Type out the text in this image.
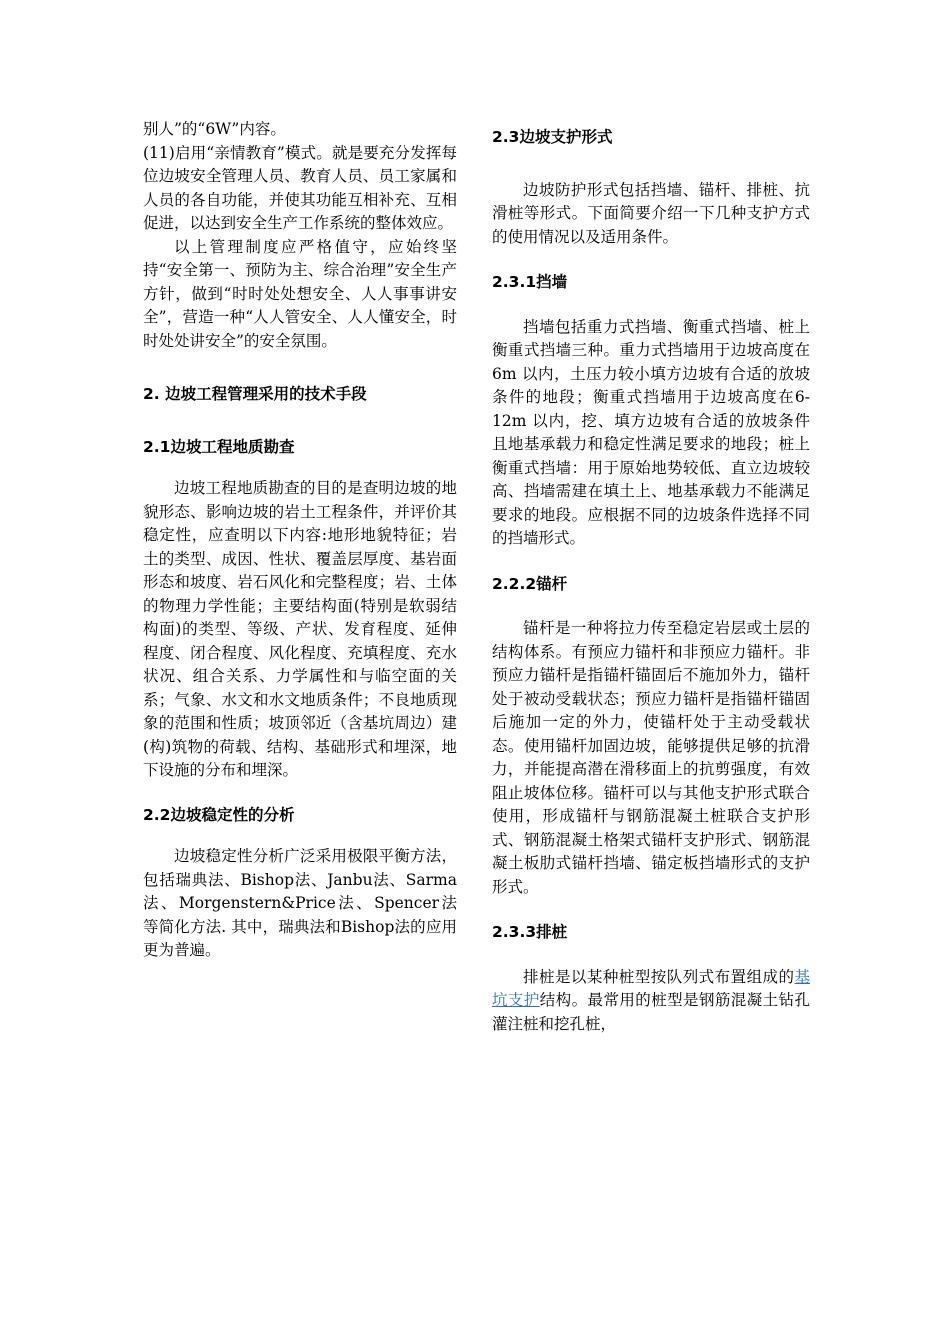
别人”的“6W”内容。

(11)启用“亲情教育”模式。就是要充分发挥每位边坡安全管理人员、教育人员、员工家属和人员的各自功能，并使其功能互相补充、互相促进，以达到安全生产工作系统的整体效应。

以上管理制度应严格值守，应始终坚持“安全第一、预防为主、综合治理”安全生产方针，做到“时时处处想安全、人人事事讲安全”，营造一种“人人管安全、人人懂安全，时时处处讲安全”的安全氛围。

2. 边坡工程管理采用的技术手段
2.1边坡工程地质勘查

边坡工程地质勘查的目的是查明边坡的地貌形态、影响边坡的岩土工程条件，并评价其稳定性，应查明以下内容:地形地貌特征；岩土的类型、成因、性状、覆盖层厚度、基岩面形态和坡度、岩石风化和完整程度；岩、土体的物理力学性能；主要结构面(特别是软弱结构面)的类型、等级、产状、发育程度、延伸程度、闭合程度、风化程度、充填程度、充水状况、组合关系、力学属性和与临空面的关系；气象、水文和水文地质条件；不良地质现象的范围和性质；坡顶邻近（含基坑周边）建(构)筑物的荷载、结构、基础形式和埋深，地下设施的分布和埋深。

2.2边坡稳定性的分析

边坡稳定性分析广泛采用极限平衡方法，包括瑞典法、Bishop法、Janbu法、Sarma法、Morgenstern&Price法、Spencer法等简化方法. 其中，瑞典法和Bishop法的应用更为普遍。

2.3边坡支护形式

边坡防护形式包括挡墙、锚杆、排桩、抗滑桩等形式。下面简要介绍一下几种支护方式的使用情况以及适用条件。

2.3.1挡墙

挡墙包括重力式挡墙、衡重式挡墙、桩上衡重式挡墙三种。重力式挡墙用于边坡高度在6m 以内，土压力较小填方边坡有合适的放坡条件的地段；衡重式挡墙用于边坡高度在6-12m 以内，挖、填方边坡有合适的放坡条件且地基承载力和稳定性满足要求的地段；桩上衡重式挡墙：用于原始地势较低、直立边坡较高、挡墙需建在填土上、地基承载力不能满足要求的地段。应根据不同的边坡条件选择不同的挡墙形式。

2.2.2锚杆

锚杆是一种将拉力传至稳定岩层或土层的结构体系。有预应力锚杆和非预应力锚杆。非预应力锚杆是指锚杆锚固后不施加外力，锚杆处于被动受载状态；预应力锚杆是指锚杆锚固后施加一定的外力，使锚杆处于主动受载状态。使用锚杆加固边坡，能够提供足够的抗滑力，并能提高潜在滑移面上的抗剪强度，有效阻止坡体位移。锚杆可以与其他支护形式联合使用，形成锚杆与钢筋混凝土桩联合支护形式、钢筋混凝土格架式锚杆支护形式、钢筋混凝土板肋式锚杆挡墙、锚定板挡墙形式的支护形式。

2.3.3排桩

排桩是以某种桩型按队列式布置组成的基坑支护结构。最常用的桩型是钢筋混凝土钻孔灌注桩和挖孔桩，
